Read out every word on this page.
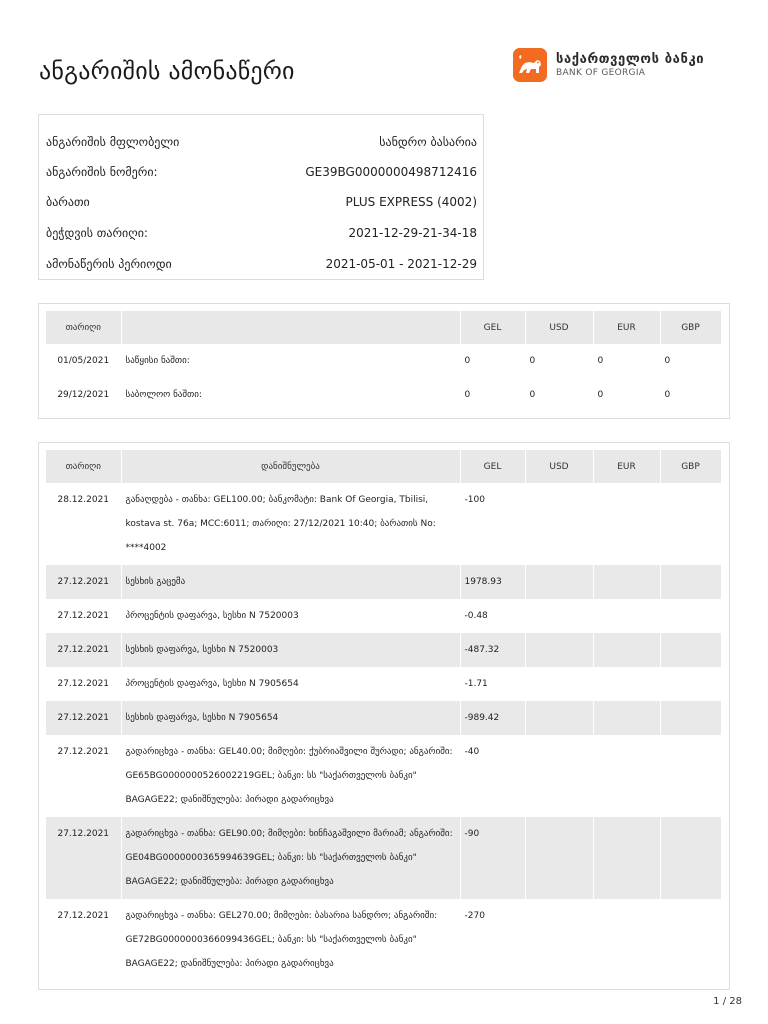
ანგარიშის ამონაწერი	საქართველოს ბანკი
BANK OF GEORGIA
ანგარიშის მფლობელი	სანდრო ბასარია
ანგარიშის ნომერი:	GE39BG0000000498712416
ბარათი	PLUS EXPRESS (4002)
ბეჭდვის თარიღი:	2021-12-29-21-34-18
ამონაწერის პერიოდი	2021-05-01 - 2021-12-29
თარიღი		GEL	USD	EUR	GBP
01/05/2021	საწყისი ნაშთი:	0	0	0	0
29/12/2021	საბოლოო ნაშთი:	0	0	0	0
თარიღი	დანიშნულება	GEL	USD	EUR	GBP
28.12.2021	განაღდება - თანხა: GEL100.00; ბანკომატი: Bank Of Georgia, Tbilisi, kostava st. 76a; MCC:6011; თარიღი: 27/12/2021 10:40; ბარათის No: ****4002	-100			
27.12.2021	სესხის გაცემა	1978.93			
27.12.2021	პროცენტის დაფარვა, სესხი N 7520003	-0.48			
27.12.2021	სესხის დაფარვა, სესხი N 7520003	-487.32			
27.12.2021	პროცენტის დაფარვა, სესხი N 7905654	-1.71			
27.12.2021	სესხის დაფარვა, სესხი N 7905654	-989.42			
27.12.2021	გადარიცხვა - თანხა: GEL40.00; მიმღები: ქუბრიაშვილი შურადი; ანგარიში: GE65BG0000000526002219GEL; ბანკი: სს "საქართველოს ბანკი" BAGAGE22; დანიშნულება: პირადი გადარიცხვა	-40			
27.12.2021	გადარიცხვა - თანხა: GEL90.00; მიმღები: ხინჩაგაშვილი მარიამ; ანგარიში: GE04BG0000000365994639GEL; ბანკი: სს "საქართველოს ბანკი" BAGAGE22; დანიშნულება: პირადი გადარიცხვა	-90			
27.12.2021	გადარიცხვა - თანხა: GEL270.00; მიმღები: ბასარია სანდრო; ანგარიში: GE72BG0000000366099436GEL; ბანკი: სს "საქართველოს ბანკი" BAGAGE22; დანიშნულება: პირადი გადარიცხვა	-270			
1 / 28
